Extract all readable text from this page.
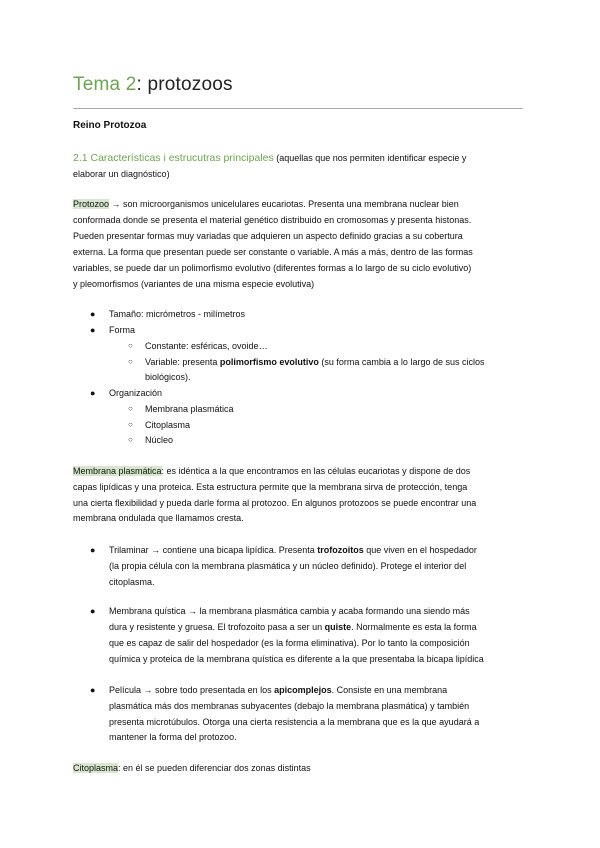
Tema 2: protozoos
Reino Protozoa
2.1 Características i estrucutras principales (aquellas que nos permiten identificar especie y
elaborar un diagnóstico)
Protozoo → son microorganismos unicelulares eucariotas. Presenta una membrana nuclear bien
conformada donde se presenta el material genético distribuido en cromosomas y presenta histonas.
Pueden presentar formas muy variadas que adquieren un aspecto definido gracias a su cobertura
externa. La forma que presentan puede ser constante o variable. A más a más, dentro de las formas
variables, se puede dar un polimorfismo evolutivo (diferentes formas a lo largo de su ciclo evolutivo)
y pleomorfismos (variantes de una misma especie evolutiva)
● Tamaño: micrómetros - milímetros
● Forma
○ Constante: esféricas, ovoide…
○ Variable: presenta polimorfismo evolutivo (su forma cambia a lo largo de sus ciclos
biológicos).
● Organización
○ Membrana plasmática
○ Citoplasma
○ Núcleo
Membrana plasmática: es idéntica a la que encontramos en las células eucariotas y dispone de dos
capas lipídicas y una proteica. Esta estructura permite que la membrana sirva de protección, tenga
una cierta flexibilidad y pueda darle forma al protozoo. En algunos protozoos se puede encontrar una
membrana ondulada que llamamos cresta.
● Trilaminar → contiene una bicapa lipídica. Presenta trofozoitos que viven en el hospedador
(la propia célula con la membrana plasmática y un núcleo definido). Protege el interior del
citoplasma.
● Membrana quística → la membrana plasmática cambia y acaba formando una siendo más
dura y resistente y gruesa. El trofozoito pasa a ser un quiste. Normalmente es esta la forma
que es capaz de salir del hospedador (es la forma eliminativa). Por lo tanto la composición
química y proteica de la membrana quística es diferente a la que presentaba la bicapa lipídica
● Película → sobre todo presentada en los apicomplejos. Consiste en una membrana
plasmática más dos membranas subyacentes (debajo la membrana plasmática) y también
presenta microtúbulos. Otorga una cierta resistencia a la membrana que es la que ayudará a
mantener la forma del protozoo.
Citoplasma: en él se pueden diferenciar dos zonas distintas
